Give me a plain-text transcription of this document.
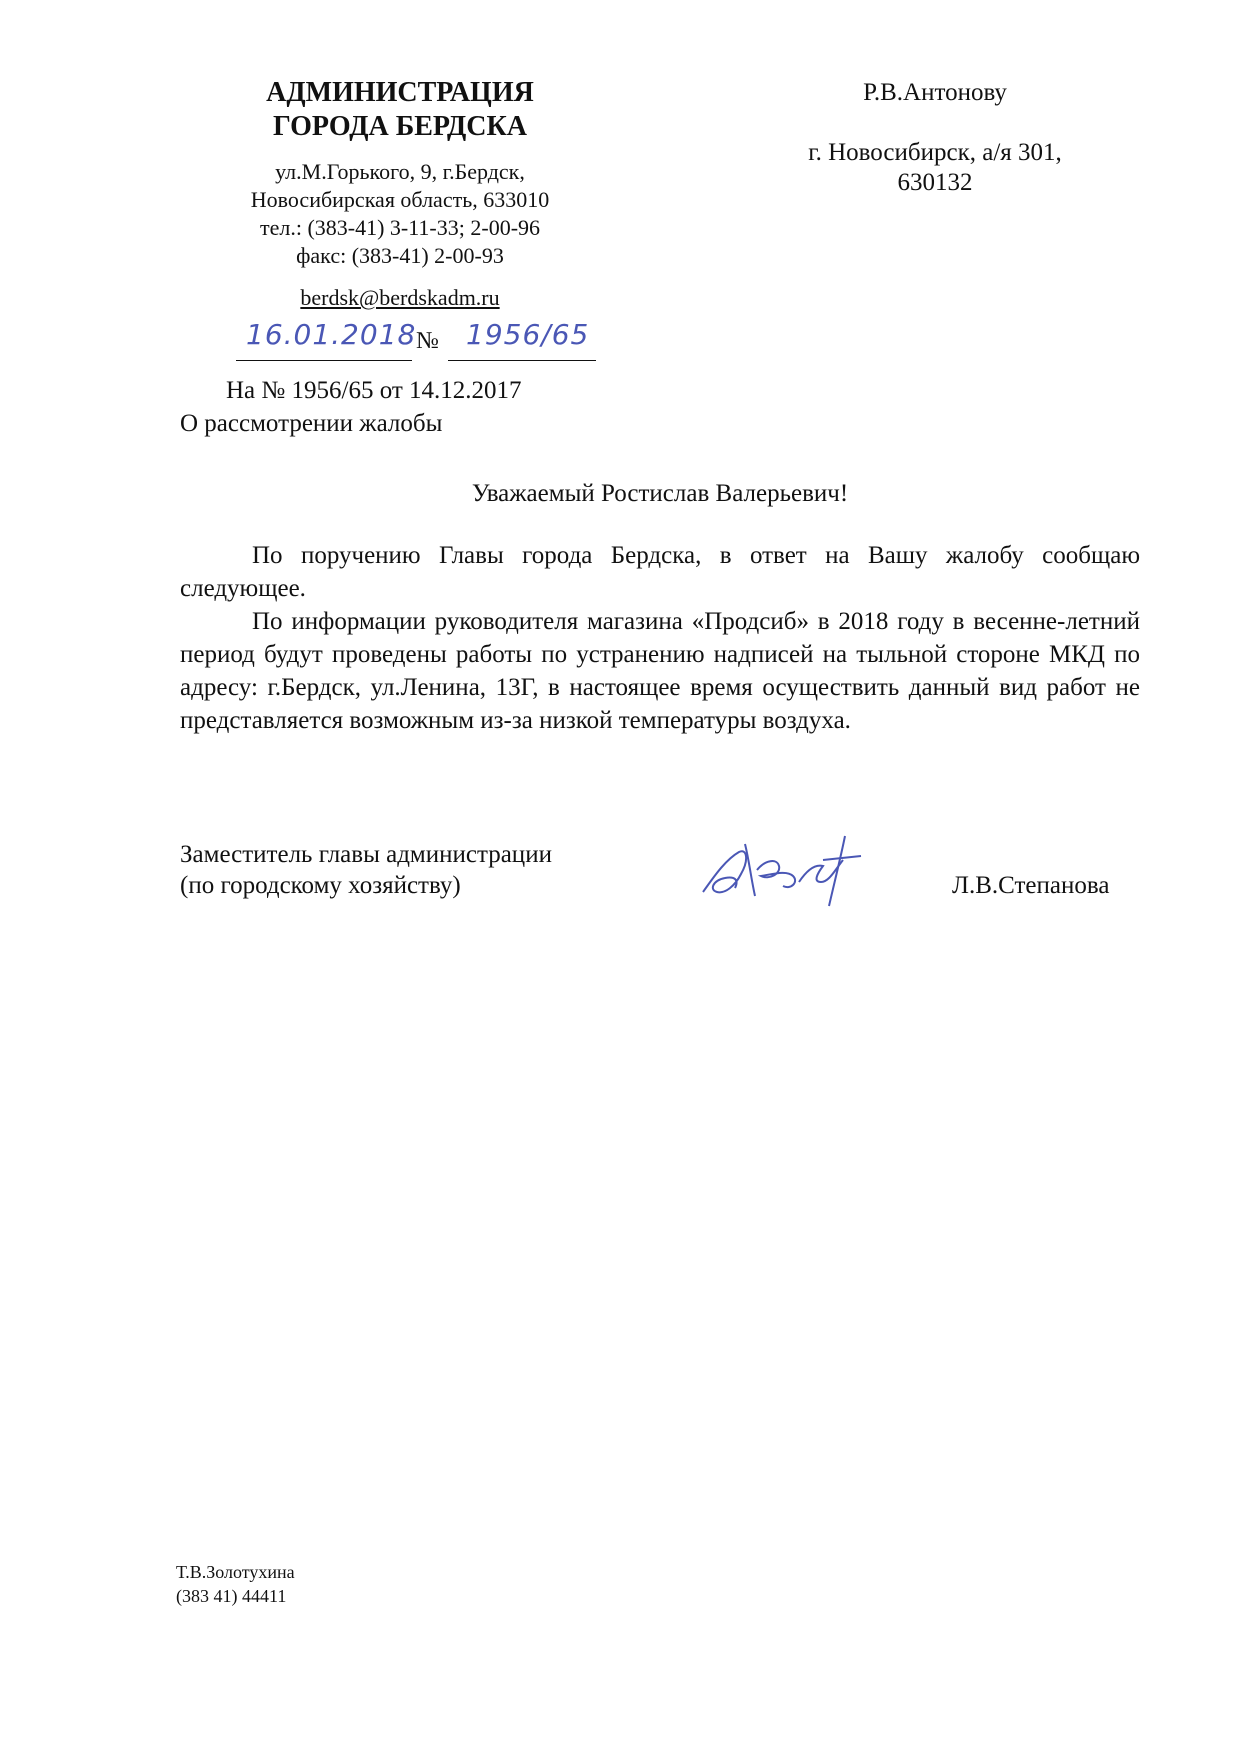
АДМИНИСТРАЦИЯ
ГОРОДА БЕРДСКА
ул.М.Горького, 9, г.Бердск,
Новосибирская область, 633010
тел.: (383-41) 3-11-33; 2-00-96
факс: (383-41) 2-00-93
berdsk@berdskadm.ru
16.01.2018 № 1956/65
На № 1956/65 от 14.12.2017
О рассмотрении жалобы
Р.В.Антонову
г. Новосибирск, а/я 301,
630132
Уважаемый Ростислав Валерьевич!

По поручению Главы города Бердска, в ответ на Вашу жалобу сообщаю следующее.

По информации руководителя магазина «Продсиб» в 2018 году в весенне-летний период будут проведены работы по устранению надписей на тыльной стороне МКД по адресу: г.Бердск, ул.Ленина, 13Г, в настоящее время осуществить данный вид работ не представляется возможным из-за низкой температуры воздуха.

Заместитель главы администрации
(по городскому хозяйству)	Л.В.Степанова
Т.В.Золотухина
(383 41) 44411
